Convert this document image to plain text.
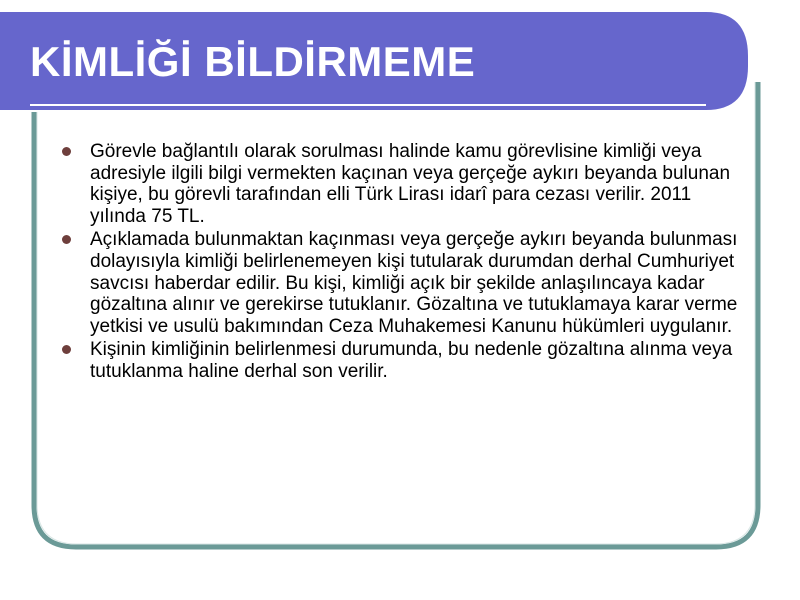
KİMLİĞİ BİLDİRMEME
Görevle bağlantılı olarak sorulması halinde kamu görevlisine kimliği veya adresiyle ilgili bilgi vermekten kaçınan veya gerçeğe aykırı beyanda bulunan kişiye, bu görevli tarafından elli Türk Lirası idarî para cezası verilir. 2011 yılında 75 TL.
Açıklamada bulunmaktan kaçınması veya gerçeğe aykırı beyanda bulunması dolayısıyla kimliği belirlenemeyen kişi tutularak durumdan derhal Cumhuriyet savcısı haberdar edilir. Bu kişi, kimliği açık bir şekilde anlaşılıncaya kadar gözaltına alınır ve gerekirse tutuklanır. Gözaltına ve tutuklamaya karar verme yetkisi ve usulü bakımından Ceza Muhakemesi Kanunu hükümleri uygulanır.
Kişinin kimliğinin belirlenmesi durumunda, bu nedenle gözaltına alınma veya tutuklanma haline derhal son verilir.
